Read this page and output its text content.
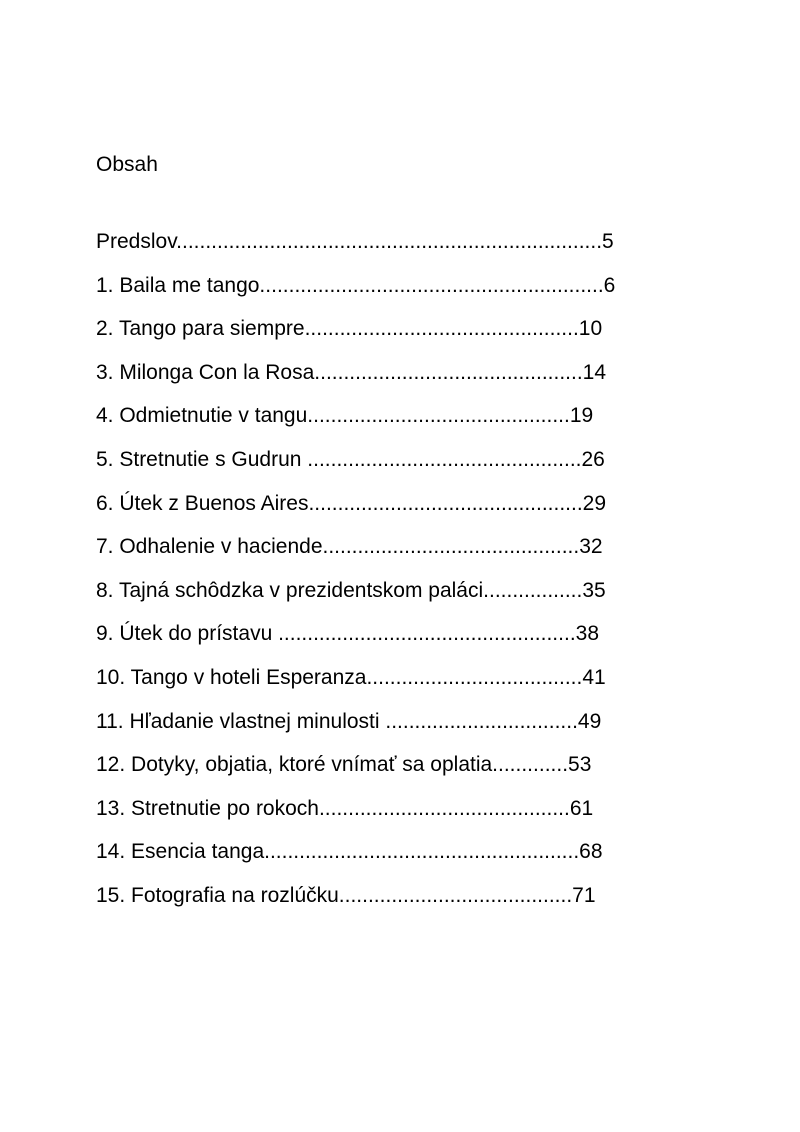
Obsah
Predslov.........................................................................5
1. Baila me tango...........................................................6
2. Tango para siempre...............................................10
3. Milonga Con la Rosa..............................................14
4. Odmietnutie v tangu.............................................19
5. Stretnutie s Gudrun ...............................................26
6. Útek z Buenos Aires...............................................29
7. Odhalenie v haciende............................................32
8. Tajná schôdzka v prezidentskom paláci.................35
9. Útek do prístavu ...................................................38
10. Tango v hoteli Esperanza.....................................41
11. Hľadanie vlastnej minulosti .................................49
12. Dotyky, objatia, ktoré vnímať sa oplatia.............53
13. Stretnutie po rokoch...........................................61
14. Esencia tanga......................................................68
15. Fotografia na rozlúčku........................................71
